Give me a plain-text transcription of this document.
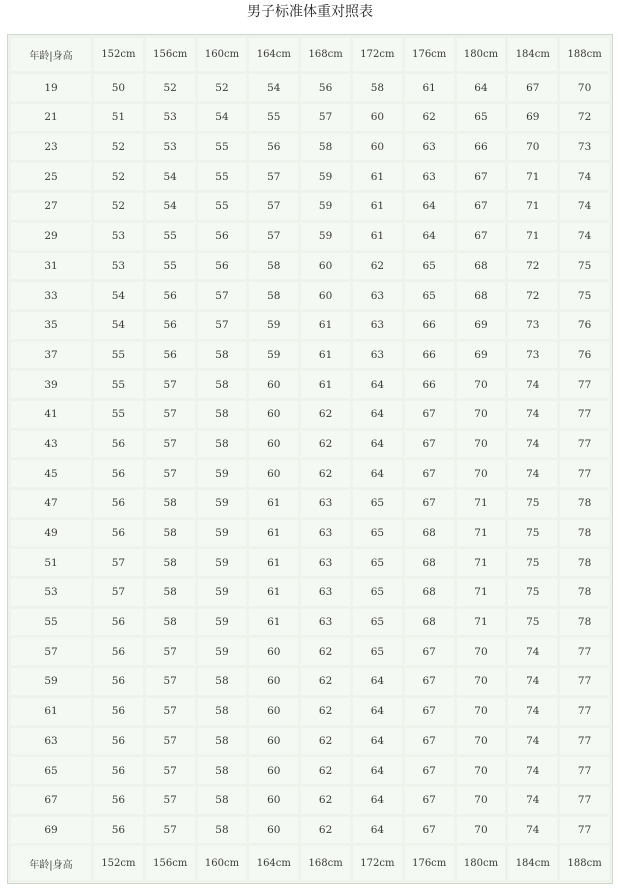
男子标准体重对照表
年龄|身高	152cm	156cm	160cm	164cm	168cm	172cm	176cm	180cm	184cm	188cm
19	50	52	52	54	56	58	61	64	67	70
21	51	53	54	55	57	60	62	65	69	72
23	52	53	55	56	58	60	63	66	70	73
25	52	54	55	57	59	61	63	67	71	74
27	52	54	55	57	59	61	64	67	71	74
29	53	55	56	57	59	61	64	67	71	74
31	53	55	56	58	60	62	65	68	72	75
33	54	56	57	58	60	63	65	68	72	75
35	54	56	57	59	61	63	66	69	73	76
37	55	56	58	59	61	63	66	69	73	76
39	55	57	58	60	61	64	66	70	74	77
41	55	57	58	60	62	64	67	70	74	77
43	56	57	58	60	62	64	67	70	74	77
45	56	57	59	60	62	64	67	70	74	77
47	56	58	59	61	63	65	67	71	75	78
49	56	58	59	61	63	65	68	71	75	78
51	57	58	59	61	63	65	68	71	75	78
53	57	58	59	61	63	65	68	71	75	78
55	56	58	59	61	63	65	68	71	75	78
57	56	57	59	60	62	65	67	70	74	77
59	56	57	58	60	62	64	67	70	74	77
61	56	57	58	60	62	64	67	70	74	77
63	56	57	58	60	62	64	67	70	74	77
65	56	57	58	60	62	64	67	70	74	77
67	56	57	58	60	62	64	67	70	74	77
69	56	57	58	60	62	64	67	70	74	77
年龄|身高	152cm	156cm	160cm	164cm	168cm	172cm	176cm	180cm	184cm	188cm
